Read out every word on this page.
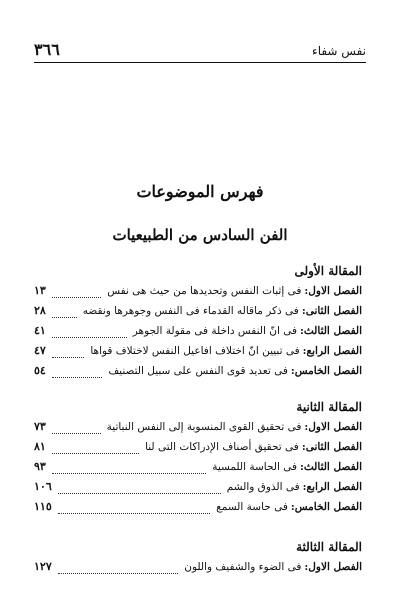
٣٦٦	نفس شفاء
فهرس الموضوعات
الفن السادس من الطبيعيات
المقالة الأولى
الفصل الاول:
فى إثبات النفس وتحديدها من حيث هى نفس
١٣
الفصل الثانى:
فى ذكر ماقاله القدماء فى النفس وجوهرها ونقضه
٢٨
الفصل الثالث:
فى انّ النفس داخلة فى مقولة الجوهر
٤١
الفصل الرابع:
فى تبيين انّ اختلاف افاعيل النفس لاختلاف قواها
٤٧
الفصل الخامس:
فى تعديد قوى النفس على سبيل التصنيف
٥٤
المقالة الثانية
الفصل الاول:
فى تحقيق القوى المنسوبة إلى النفس النباتية
٧٣
الفصل الثانى:
فى تحقيق أصناف الإدراكات التى لنا
٨١
الفصل الثالث:
فى الحاسة اللمسية
٩٣
الفصل الرابع:
فى الذوق والشم
١٠٦
الفصل الخامس:
فى حاسة السمع
١١٥
المقالة الثالثة
الفصل الاول:
فى الضوء والشفيف واللون
١٢٧
